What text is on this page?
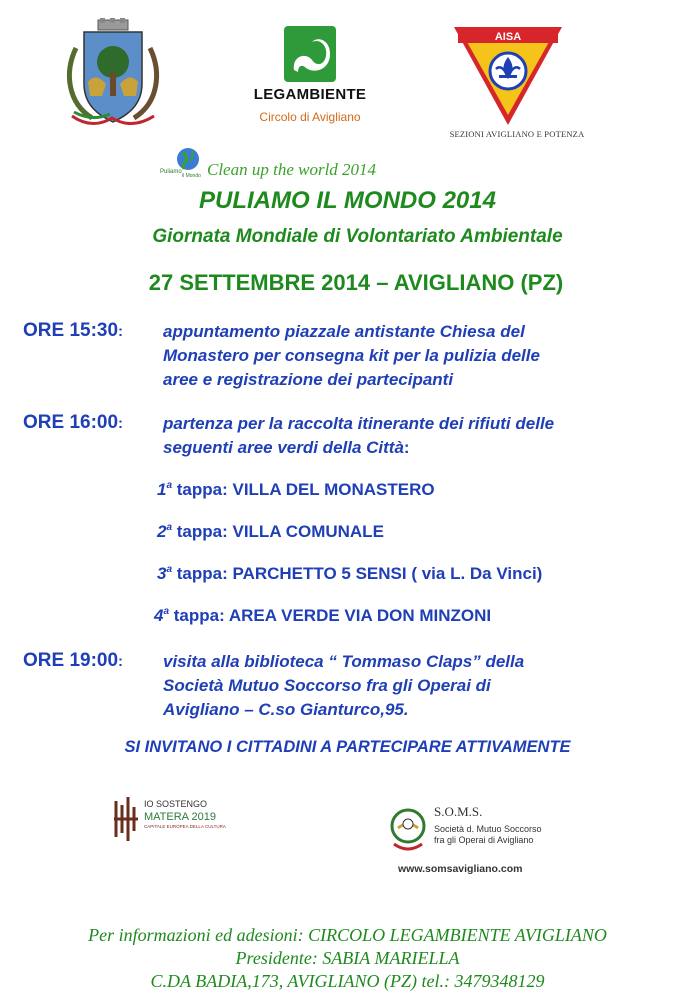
LEGAMBIENTE
Circolo di Avigliano
AISA
SEZIONI AVIGLIANO E POTENZA
Puliamo
il Mondo Clean up the world 2014
PULIAMO IL MONDO 2014
Giornata Mondiale di Volontariato Ambientale
27 SETTEMBRE 2014 – AVIGLIANO (PZ)
ORE 15:30: appuntamento piazzale antistante Chiesa del
Monastero per consegna kit per la pulizia delle
aree e registrazione dei partecipanti
ORE 16:00: partenza per la raccolta itinerante dei rifiuti delle
seguenti aree verdi della Città:
1$^a$ tappa: VILLA DEL MONASTERO
2$^a$ tappa: VILLA COMUNALE
3$^a$ tappa: PARCHETTO 5 SENSI ( via L. Da Vinci)
4$^a$ tappa: AREA VERDE VIA DON MINZONI
ORE 19:00: visita alla biblioteca “ Tommaso Claps” della
Società Mutuo Soccorso fra gli Operai di
Avigliano – C.so Gianturco,95.
SI INVITANO I CITTADINI A PARTECIPARE ATTIVAMENTE
IO SOSTENGO
MATERA 2019
CAPITALE EUROPEA DELLA CULTURA
S.O.M.S.
Società d. Mutuo Soccorso
fra gli Operai di Avigliano
www.somsavigliano.com
Per informazioni ed adesioni: CIRCOLO LEGAMBIENTE AVIGLIANO
Presidente: SABIA MARIELLA
C.DA BADIA,173, AVIGLIANO (PZ) tel.: 3479348129
